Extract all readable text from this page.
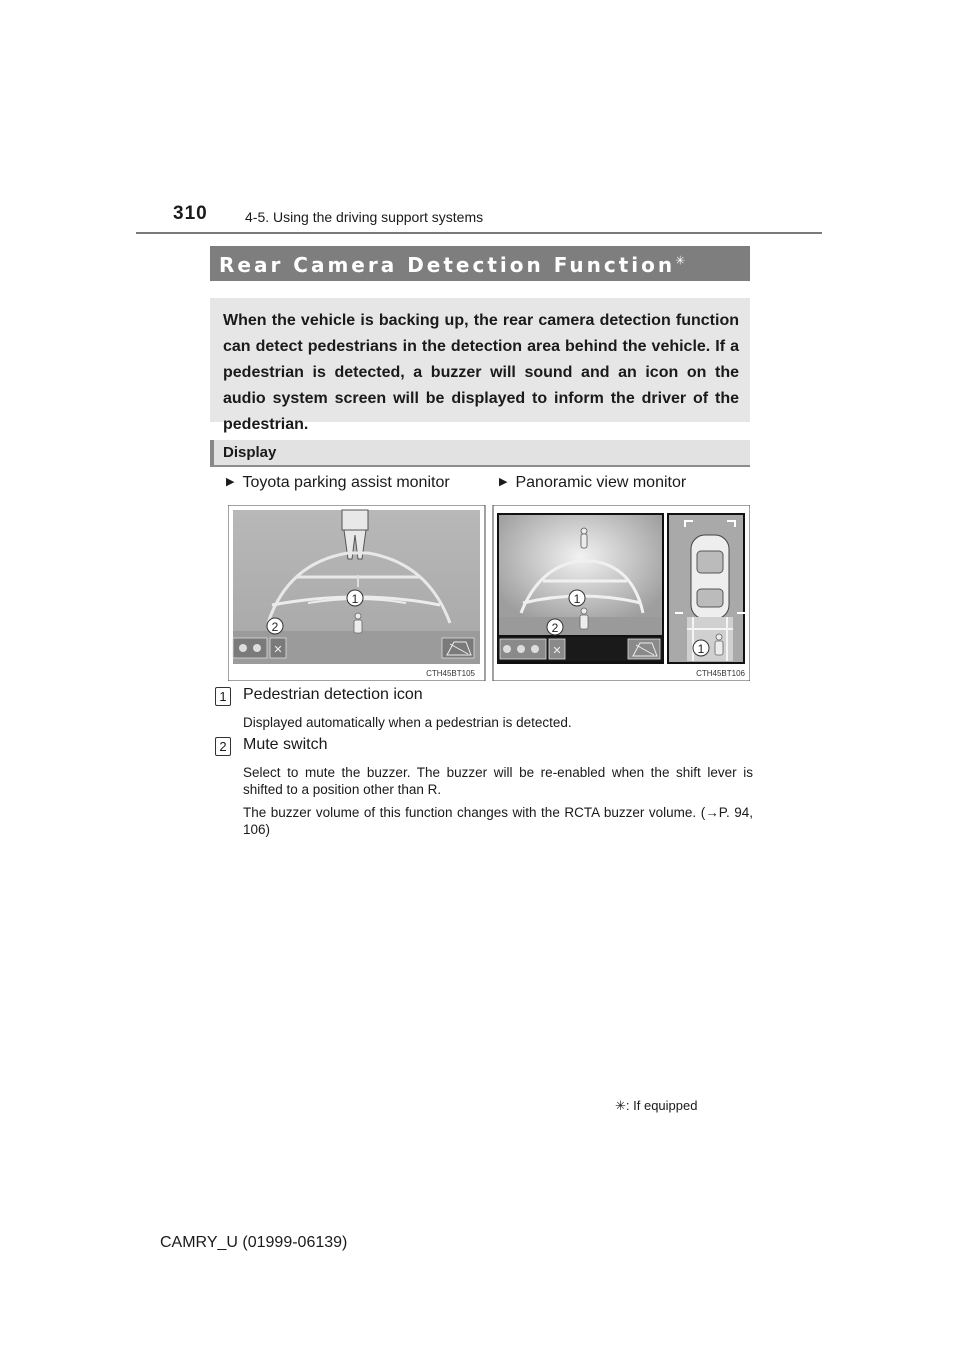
310	4-5. Using the driving support systems
Rear Camera Detection Function✳

When the vehicle is backing up, the rear camera detection function can detect pedestrians in the detection area behind the vehicle. If a pedestrian is detected, a buzzer will sound and an icon on the audio system screen will be displayed to inform the driver of the pedestrian.

Display
▶ Toyota parking assist monitor	▶ Panoramic view monitor
1
2
✕
CTH45BT105
1
2
✕	1
CTH45BT106
1 Pedestrian detection icon
Displayed automatically when a pedestrian is detected.
2 Mute switch
Select to mute the buzzer. The buzzer will be re-enabled when the shift lever is shifted to a position other than R.
The buzzer volume of this function changes with the RCTA buzzer volume. (→P. 94, 106)
✳: If equipped
CAMRY_U (01999-06139)
